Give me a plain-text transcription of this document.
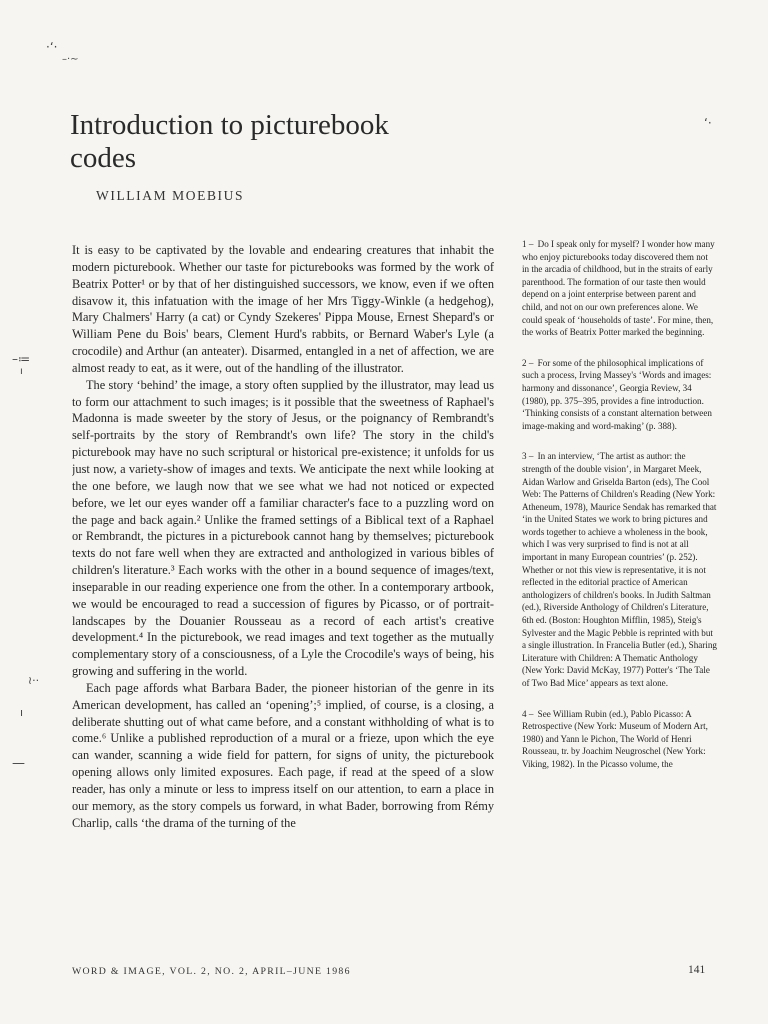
·‘·
–·∼
‘·
–≔
ı
≀··
ı
—
Introduction to picturebook
codes
WILLIAM MOEBIUS

It is easy to be captivated by the lovable and endearing creatures that inhabit the modern picturebook. Whether our taste for picturebooks was formed by the work of Beatrix Potter¹ or by that of her distinguished successors, we know, even if we often disavow it, this infatuation with the image of her Mrs Tiggy-Winkle (a hedgehog), Mary Chalmers' Harry (a cat) or Cyndy Szekeres' Pippa Mouse, Ernest Shepard's or William Pene du Bois' bears, Clement Hurd's rabbits, or Bernard Waber's Lyle (a crocodile) and Arthur (an anteater). Disarmed, entangled in a net of affection, we are almost ready to eat, as it were, out of the handling of the illustrator.

The story ‘behind’ the image, a story often supplied by the illustrator, may lead us to form our attachment to such images; is it possible that the sweetness of Raphael's Madonna is made sweeter by the story of Jesus, or the poignancy of Rembrandt's self-portraits by the story of Rembrandt's own life? The story in the child's picturebook may have no such scriptural or historical pre-existence; it unfolds for us just now, a variety-show of images and texts. We anticipate the next while looking at the one before, we laugh now that we see what we had not noticed or expected before, we let our eyes wander off a familiar character's face to a puzzling word on the page and back again.² Unlike the framed settings of a Biblical text of a Raphael or Rembrandt, the pictures in a picturebook cannot hang by themselves; picturebook texts do not fare well when they are extracted and anthologized in various bibles of children's literature.³ Each works with the other in a bound sequence of images/text, inseparable in our reading experience one from the other. In a contemporary artbook, we would be encouraged to read a succession of figures by Picasso, or of portrait-landscapes by the Douanier Rousseau as a record of each artist's creative development.⁴ In the picturebook, we read images and text together as the mutually complementary story of a consciousness, of a Lyle the Crocodile's ways of being, his growing and suffering in the world.

Each page affords what Barbara Bader, the pioneer historian of the genre in its American development, has called an ‘opening’;⁵ implied, of course, is a closing, a deliberate shutting out of what came before, and a constant withholding of what is to come.⁶ Unlike a published reproduction of a mural or a frieze, upon which the eye can wander, scanning a wide field for pattern, for signs of unity, the picturebook opening allows only limited exposures. Each page, if read at the speed of a slow reader, has only a minute or less to impress itself on our attention, to earn a place in our memory, as the story compels us forward, in what Bader, borrowing from Rémy Charlip, calls ‘the drama of the turning of the

1 – Do I speak only for myself? I wonder how many who enjoy picturebooks today discovered them not in the arcadia of childhood, but in the straits of early parenthood. The formation of our taste then would depend on a joint enterprise between parent and child, and not on our own preferences alone. We could speak of ‘households of taste’. For mine, then, the works of Beatrix Potter marked the beginning.

2 – For some of the philosophical implications of such a process, Irving Massey's ‘Words and images: harmony and dissonance’, Georgia Review, 34 (1980), pp. 375–395, provides a fine introduction. ‘Thinking consists of a constant alternation between image-making and word-making’ (p. 388).

3 – In an interview, ‘The artist as author: the strength of the double vision’, in Margaret Meek, Aidan Warlow and Griselda Barton (eds), The Cool Web: The Patterns of Children's Reading (New York: Atheneum, 1978), Maurice Sendak has remarked that ‘in the United States we work to bring pictures and words together to achieve a wholeness in the book, which I was very surprised to find is not at all important in many European countries’ (p. 252). Whether or not this view is representative, it is not reflected in the editorial practice of American anthologizers of children's books. In Judith Saltman (ed.), Riverside Anthology of Children's Literature, 6th ed. (Boston: Houghton Mifflin, 1985), Steig's Sylvester and the Magic Pebble is reprinted with but a single illustration. In Francelia Butler (ed.), Sharing Literature with Children: A Thematic Anthology (New York: David McKay, 1977) Potter's ‘The Tale of Two Bad Mice’ appears as text alone.

4 – See William Rubin (ed.), Pablo Picasso: A Retrospective (New York: Museum of Modern Art, 1980) and Yann le Pichon, The World of Henri Rousseau, tr. by Joachim Neugroschel (New York: Viking, 1982). In the Picasso volume, the

WORD & IMAGE, VOL. 2, NO. 2, APRIL–JUNE 1986	141
